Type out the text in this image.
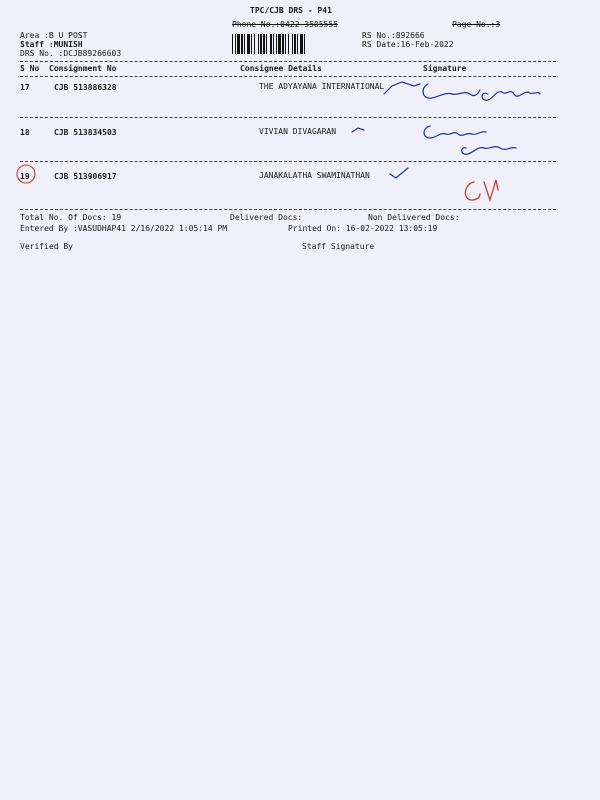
TPC/CJB DRS - P41
Phone No.:0422-3505555	Page No.:3
Area :B U POST
Staff :MUNISH
DRS No. :DCJB89266603
RS No.:892666
RS Date:16-Feb-2022
S No Consignment No	Consignee Details	Signature
17	CJB 513886328	THE ADYAYANA INTERNATIONAL
18	CJB 513834503	VIVIAN DIVAGARAN
19	CJB 513906917	JANAKALATHA SWAMINATHAN
Total No. Of Docs: 19	Delivered Docs:	Non Delivered Docs:
Entered By :VASUDHAP41 2/16/2022 1:05:14 PM	Printed On: 16-02-2022 13:05:19
Verified By	Staff Signature
